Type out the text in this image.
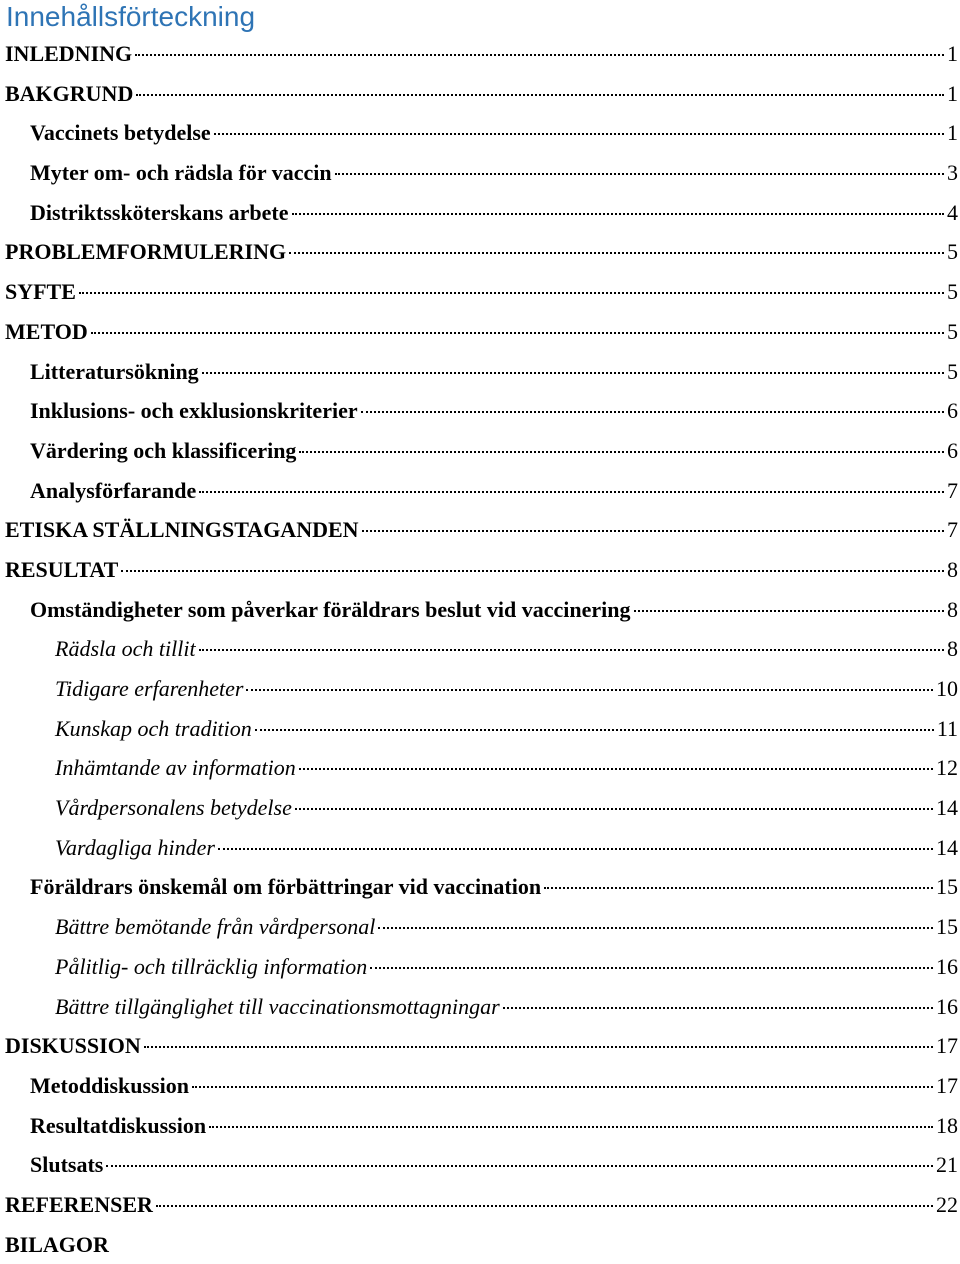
Innehållsförteckning
INLEDNING	1
BAKGRUND	1
Vaccinets betydelse	1
Myter om- och rädsla för vaccin	3
Distriktssköterskans arbete	4
PROBLEMFORMULERING	5
SYFTE	5
METOD	5
Litteratursökning	5
Inklusions- och exklusionskriterier	6
Värdering och klassificering	6
Analysförfarande	7
ETISKA STÄLLNINGSTAGANDEN	7
RESULTAT	8
Omständigheter som påverkar föräldrars beslut vid vaccinering	8
Rädsla och tillit	8
Tidigare erfarenheter	10
Kunskap och tradition	11
Inhämtande av information	12
Vårdpersonalens betydelse	14
Vardagliga hinder	14
Föräldrars önskemål om förbättringar vid vaccination	15
Bättre bemötande från vårdpersonal	15
Pålitlig- och tillräcklig information	16
Bättre tillgänglighet till vaccinationsmottagningar	16
DISKUSSION	17
Metoddiskussion	17
Resultatdiskussion	18
Slutsats	21
REFERENSER	22
BILAGOR
